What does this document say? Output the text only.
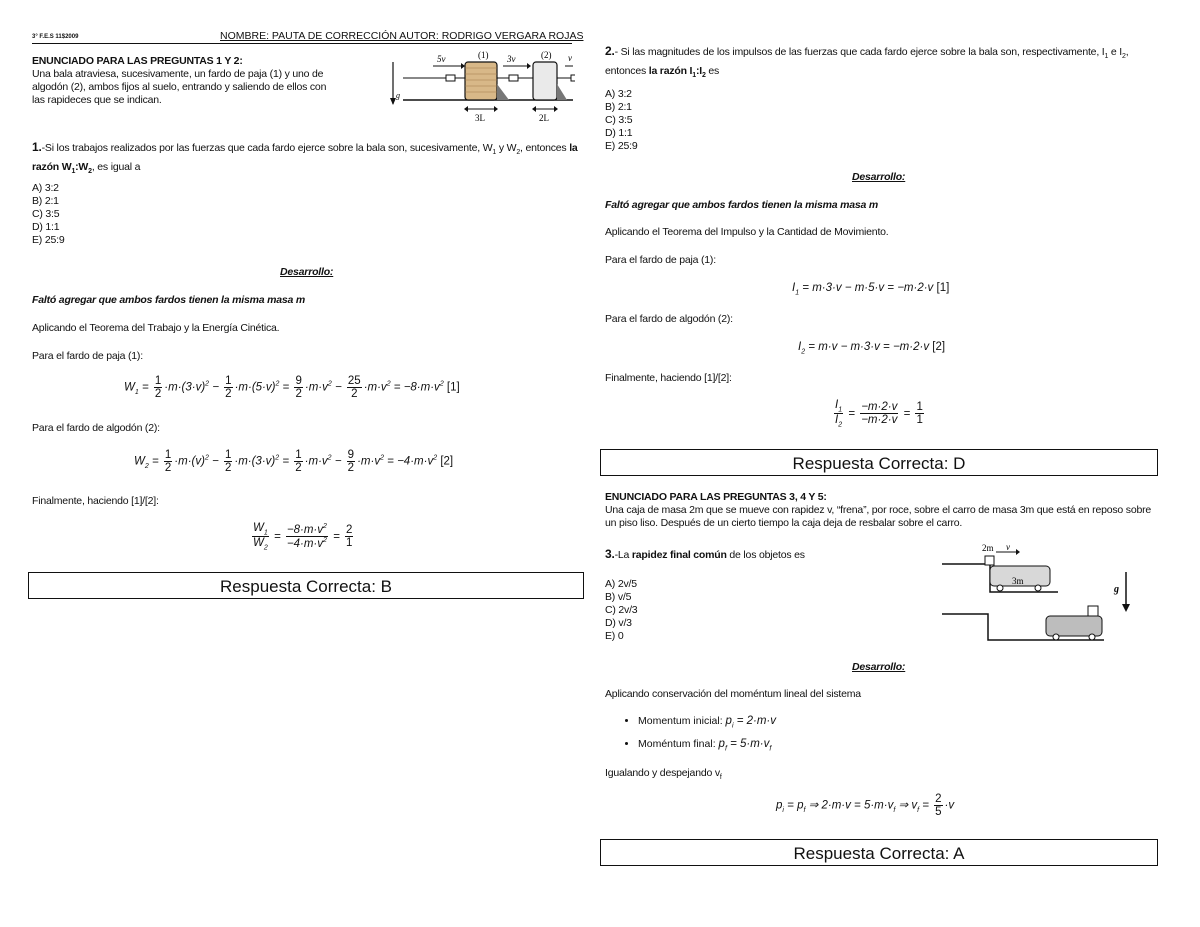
3° F.E.S 11$2009	NOMBRE: PAUTA DE CORRECCIÓN AUTOR: RODRIGO VERGARA ROJAS
ENUNCIADO PARA LAS PREGUNTAS 1 Y 2:
Una bala atraviesa, sucesivamente, un fardo de paja (1) y uno de algodón (2), ambos fijos al suelo, entrando y saliendo de ellos con las rapideces que se indican.	g
5v	3v	v
(1)	(2)
3L	2L
1.-Si los trabajos realizados por las fuerzas que cada fardo ejerce sobre la bala son, sucesivamente, $W_1$ y $W_2$, entonces la
razón $W_1:W_2$, es igual a
A) 3:2
B) 2:1
C) 3:5
D) 1:1
E) 25:9
Desarrollo:
Faltó agregar que ambos fardos tienen la misma masa m
Aplicando el Teorema del Trabajo y la Energía Cinética.
Para el fardo de paja (1):
$W_1 = \frac{1}{2} \cdot m\cdot(3\cdot v)^2 - \frac{1}{2} \cdot m\cdot(5\cdot v)^2 = \frac{9}{2} \cdot m\cdot v^2 - \frac{25}{2} \cdot m\cdot v^2 = -8\cdot m\cdot v^2$ [1]
Para el fardo de algodón (2):
$W_2 = \frac{1}{2} \cdot m\cdot(v)^2 - \frac{1}{2} \cdot m\cdot(3\cdot v)^2 = \frac{1}{2} \cdot m\cdot v^2 - \frac{9}{2} \cdot m\cdot v^2 = -4\cdot m\cdot v^2$ [2]
Finalmente, haciendo [1]/[2]:
$\frac{W_1}{W_2} = \frac{-8\cdot m\cdot v^2}{-4\cdot m\cdot v^2} = \frac{2}{1}$
Respuesta Correcta: B
2.- Si las magnitudes de los impulsos de las fuerzas que cada fardo ejerce sobre la bala son, respectivamente, $I_1$ e $I_2$, entonces la razón $I_1:I_2$ es
A) 3:2
B) 2:1
C) 3:5
D) 1:1
E) 25:9
Desarrollo:
Faltó agregar que ambos fardos tienen la misma masa m
Aplicando el Teorema del Impulso y la Cantidad de Movimiento.
Para el fardo de paja (1):
$I_1 = m\cdot 3\cdot v - m\cdot 5\cdot v = -m\cdot 2\cdot v$ [1]
Para el fardo de algodón (2):
$I_2 = m\cdot v - m\cdot 3\cdot v = -m\cdot 2\cdot v$ [2]
Finalmente, haciendo [1]/[2]:
$\frac{I_1}{I_2} = \frac{-m\cdot 2\cdot v}{-m\cdot 2\cdot v} = \frac{1}{1}$
Respuesta Correcta: D
ENUNCIADO PARA LAS PREGUNTAS 3, 4 Y 5:
Una caja de masa 2m que se mueve con rapidez v, “frena”, por roce, sobre el carro de masa 3m que está en reposo sobre un piso liso. Después de un cierto tiempo la caja deja de resbalar sobre el carro.
3.-La rapidez final común de los objetos es
A) 2v/5
B) v/5
C) 2v/3
D) v/3
E) 0
2m v
3m
g
Desarrollo:
Aplicando conservación del moméntum lineal del sistema
• Momentum inicial: $p_i = 2\cdot m\cdot v$
• Moméntum final: $p_f = 5\cdot m\cdot v_f$
Igualando y despejando $v_f$
$p_i = p_f$ ⇒ $2\cdot m\cdot v = 5\cdot m\cdot v_f$ ⇒ $v_f = \frac{2}{5} \cdot v$
Respuesta Correcta: A
